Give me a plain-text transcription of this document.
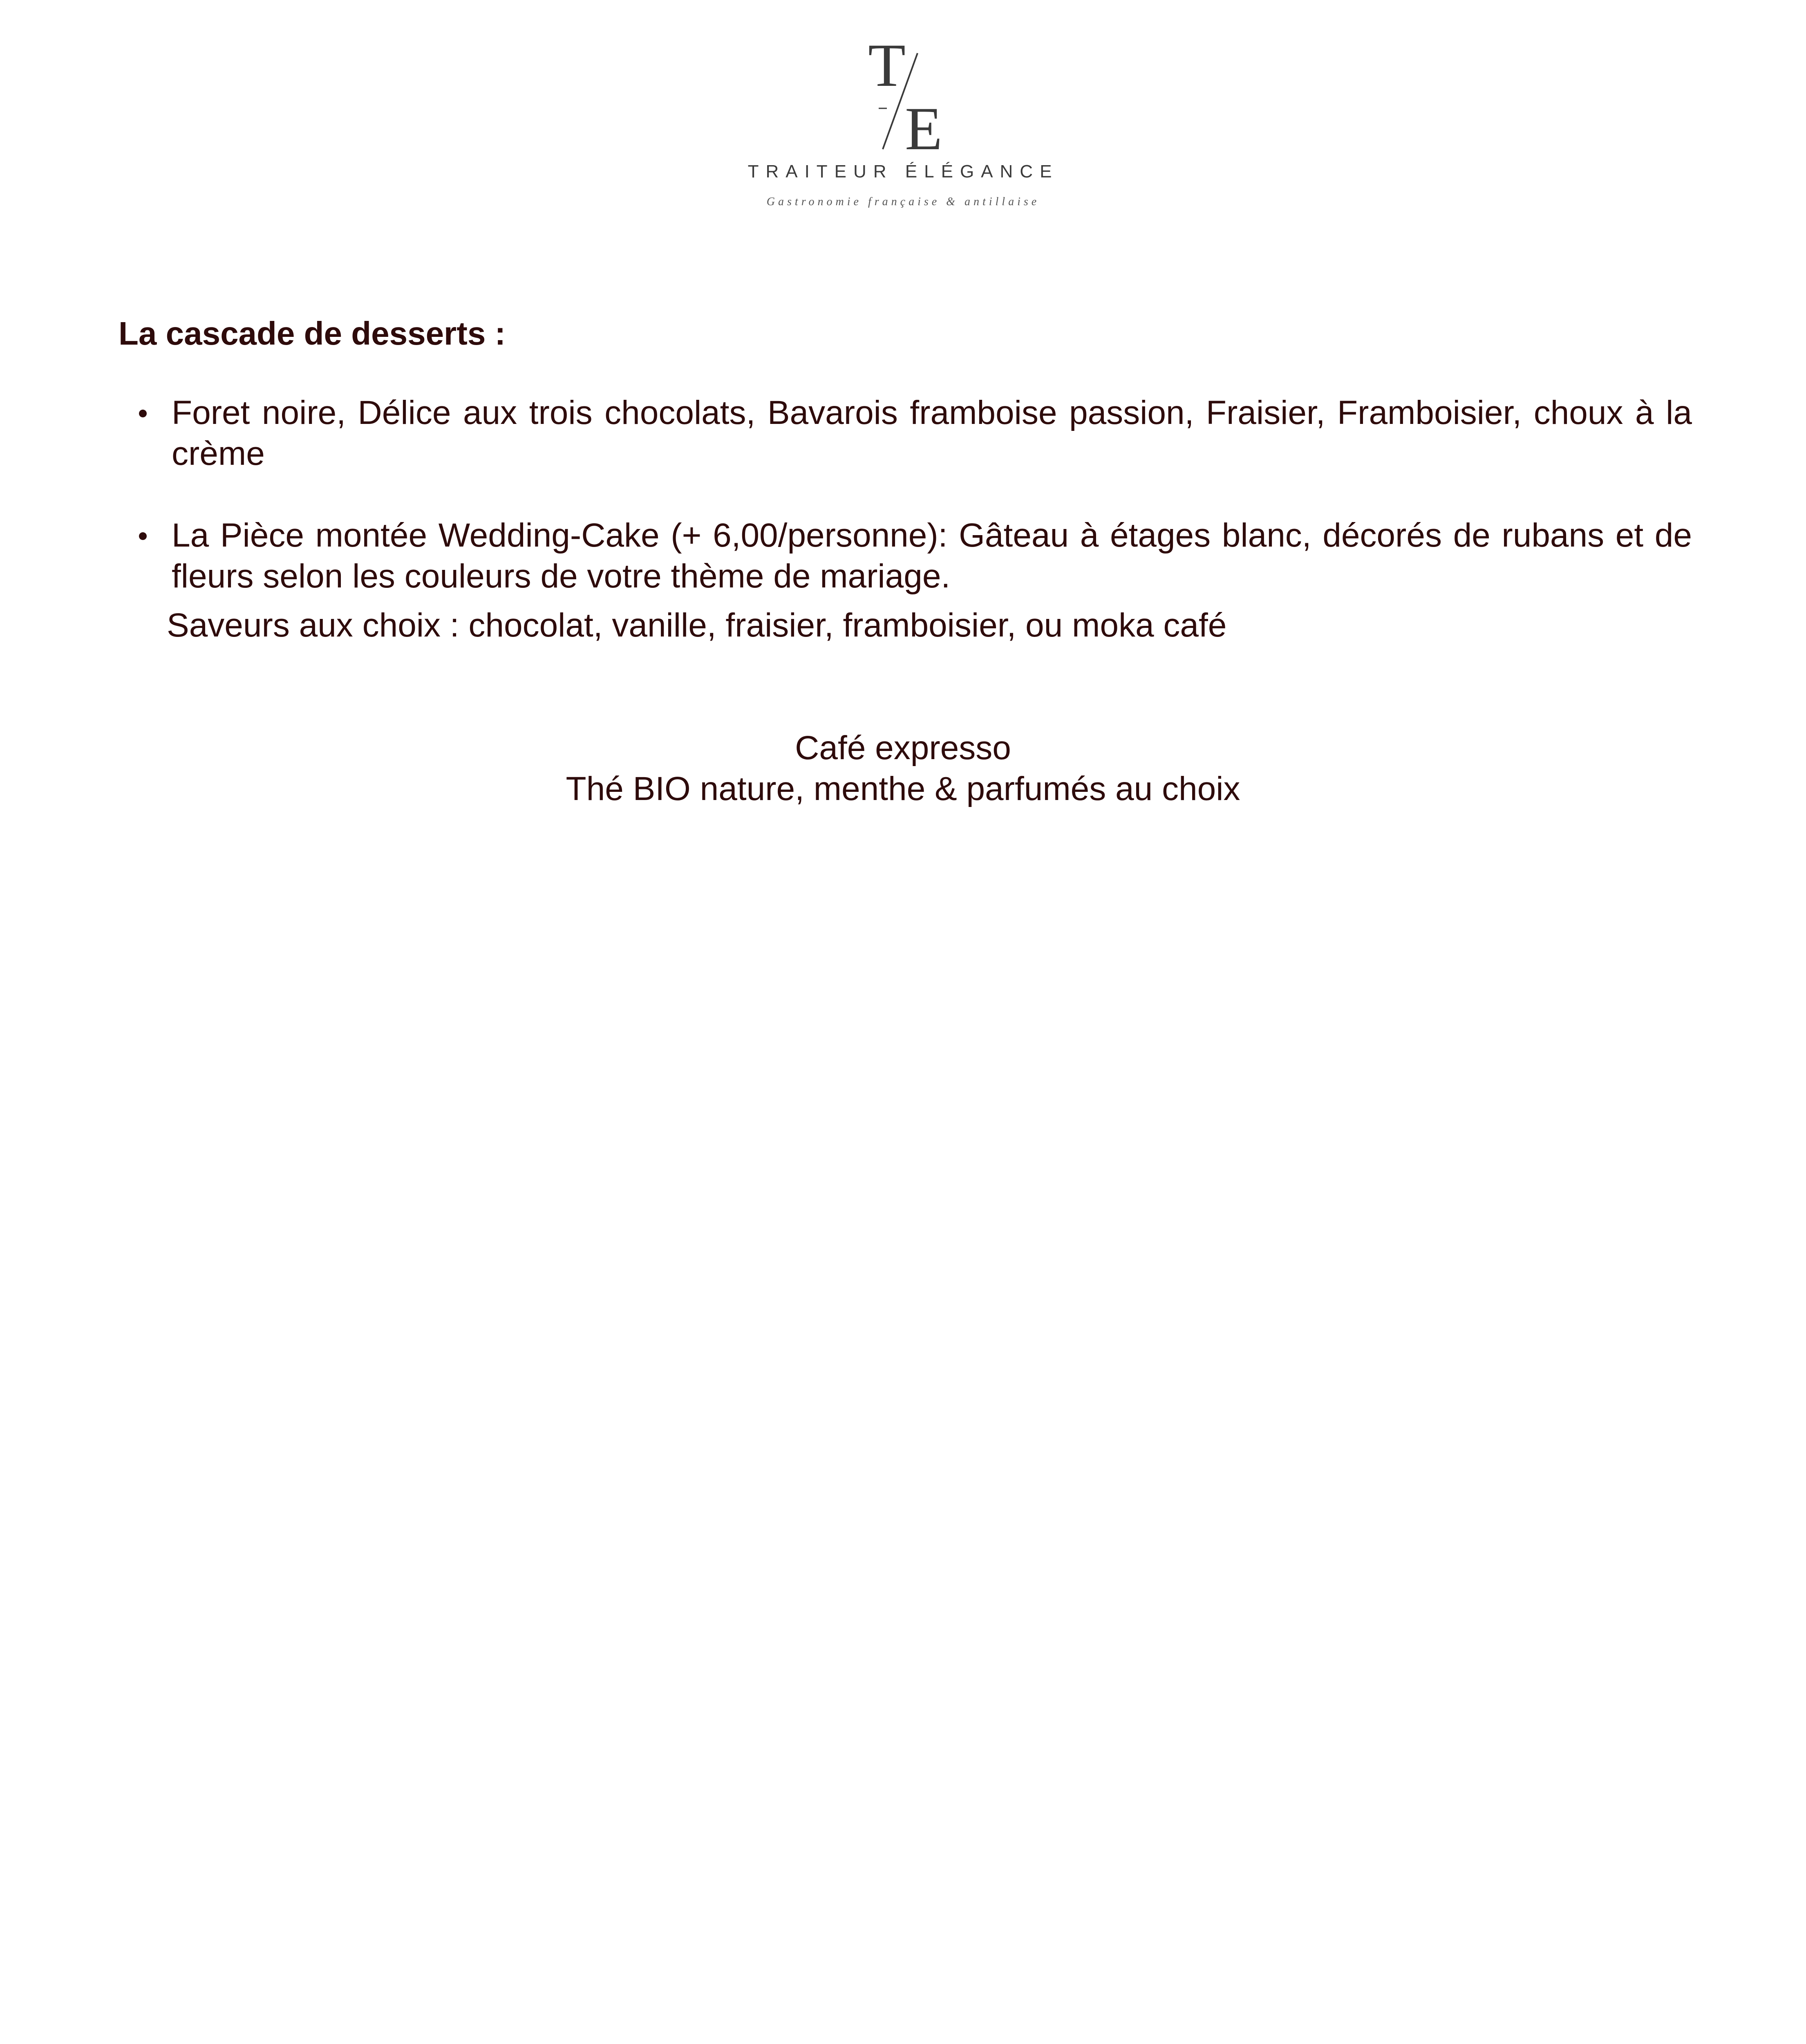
T
E
TRAITEUR ÉLÉGANCE
Gastronomie française & antillaise
La cascade de desserts :
Foret noire, Délice aux trois chocolats, Bavarois framboise passion, Fraisier, Framboisier, choux à la crème
La Pièce montée Wedding-Cake (+ 6,00/personne): Gâteau à étages blanc, décorés de rubans et de fleurs selon les couleurs de votre thème de mariage.
Saveurs aux choix : chocolat, vanille, fraisier, framboisier, ou moka café
Café expresso
Thé BIO nature, menthe & parfumés au choix
